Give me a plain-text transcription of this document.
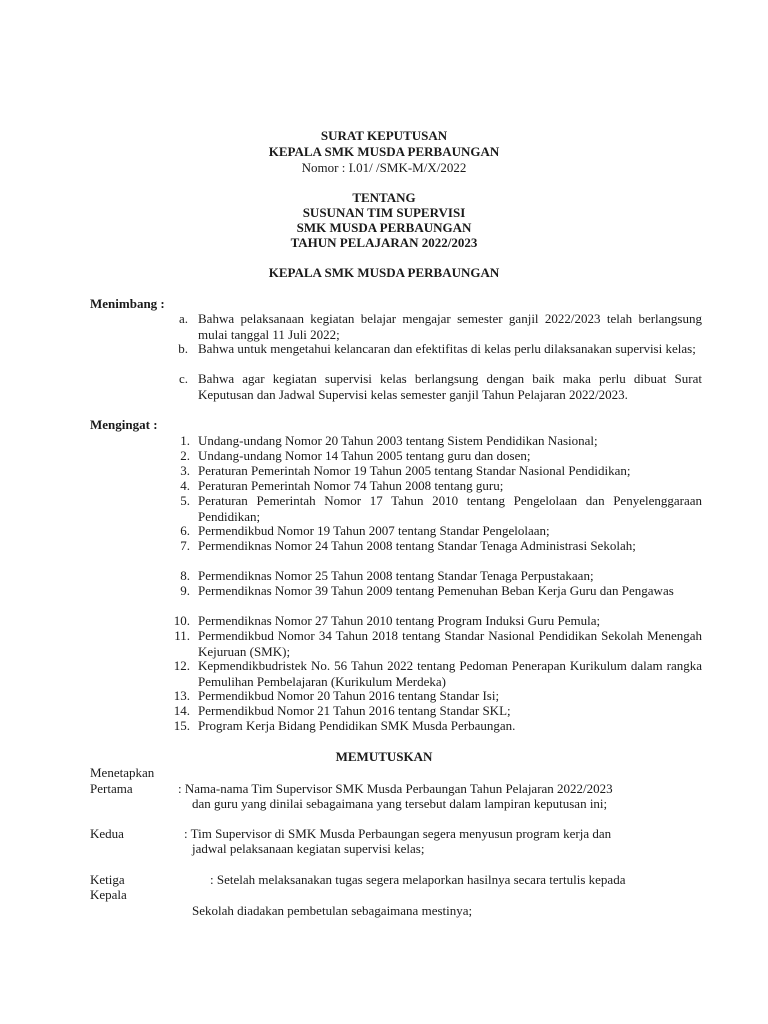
SURAT KEPUTUSAN
KEPALA SMK MUSDA PERBAUNGAN
Nomor : I.01/ /SMK-M/X/2022
TENTANG
SUSUNAN TIM SUPERVISI
SMK MUSDA PERBAUNGAN
TAHUN PELAJARAN 2022/2023
KEPALA SMK MUSDA PERBAUNGAN
Menimbang :
a. Bahwa pelaksanaan kegiatan belajar mengajar semester ganjil 2022/2023 telah berlangsung mulai tanggal 11 Juli 2022;
b. Bahwa untuk mengetahui kelancaran dan efektifitas di kelas perlu dilaksanakan supervisi kelas;
c. Bahwa agar kegiatan supervisi kelas berlangsung dengan baik maka perlu dibuat Surat Keputusan dan Jadwal Supervisi kelas semester ganjil Tahun Pelajaran 2022/2023.
Mengingat :
1. Undang-undang Nomor 20 Tahun 2003 tentang Sistem Pendidikan Nasional;
2. Undang-undang Nomor 14 Tahun 2005 tentang guru dan dosen;
3. Peraturan Pemerintah Nomor 19 Tahun 2005 tentang Standar Nasional Pendidikan;
4. Peraturan Pemerintah Nomor 74 Tahun 2008 tentang guru;
5. Peraturan Pemerintah Nomor 17 Tahun 2010 tentang Pengelolaan dan Penyelenggaraan Pendidikan;
6. Permendikbud Nomor 19 Tahun 2007 tentang Standar Pengelolaan;
7. Permendiknas Nomor 24 Tahun 2008 tentang Standar Tenaga Administrasi Sekolah;
8. Permendiknas Nomor 25 Tahun 2008 tentang Standar Tenaga Perpustakaan;
9. Permendiknas Nomor 39 Tahun 2009 tentang Pemenuhan Beban Kerja Guru dan Pengawas
10. Permendiknas Nomor 27 Tahun 2010 tentang Program Induksi Guru Pemula;
11. Permendikbud Nomor 34 Tahun 2018 tentang Standar Nasional Pendidikan Sekolah Menengah Kejuruan (SMK);
12. Kepmendikbudristek No. 56 Tahun 2022 tentang Pedoman Penerapan Kurikulum dalam rangka Pemulihan Pembelajaran (Kurikulum Merdeka)
13. Permendikbud Nomor 20 Tahun 2016 tentang Standar Isi;
14. Permendikbud Nomor 21 Tahun 2016 tentang Standar SKL;
15. Program Kerja Bidang Pendidikan SMK Musda Perbaungan.
MEMUTUSKAN
Menetapkan
Pertama	: Nama-nama Tim Supervisor SMK Musda Perbaungan Tahun Pelajaran 2022/2023
dan guru yang dinilai sebagaimana yang tersebut dalam lampiran keputusan ini;
Kedua	: Tim Supervisor di SMK Musda Perbaungan segera menyusun program kerja dan
jadwal pelaksanaan kegiatan supervisi kelas;
Ketiga	: Setelah melaksanakan tugas segera melaporkan hasilnya secara tertulis kepada
Kepala
Sekolah diadakan pembetulan sebagaimana mestinya;
